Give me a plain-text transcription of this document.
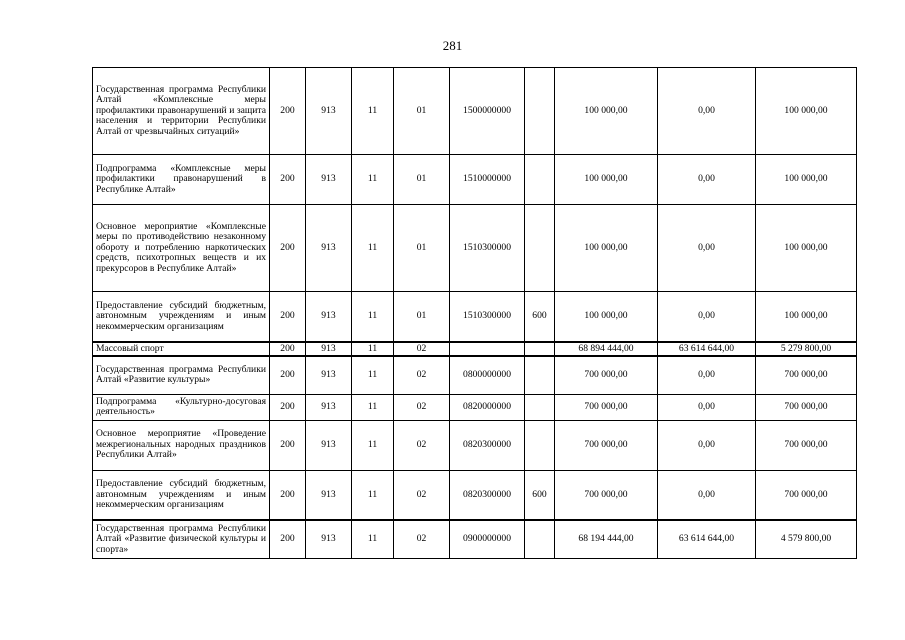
281
Государственная программа Республики Алтай «Комплексные меры профилактики правонарушений и защита населения и территории Республики Алтай от чрезвычайных ситуаций»	200	913	11	01	1500000000		100 000,00	0,00	100 000,00
Подпрограмма «Комплексные меры профилактики правонарушений в Республике Алтай»	200	913	11	01	1510000000		100 000,00	0,00	100 000,00
Основное мероприятие «Комплексные меры по противодействию незаконному обороту и потреблению наркотических средств, психотропных веществ и их прекурсоров в Республике Алтай»	200	913	11	01	1510300000		100 000,00	0,00	100 000,00
Предоставление субсидий бюджетным, автономным учреждениям и иным некоммерческим организациям	200	913	11	01	1510300000	600	100 000,00	0,00	100 000,00
Массовый спорт	200	913	11	02			68 894 444,00	63 614 644,00	5 279 800,00
Государственная программа Республики Алтай «Развитие культуры»	200	913	11	02	0800000000		700 000,00	0,00	700 000,00
Подпрограмма «Культурно-досуговая деятельность»	200	913	11	02	0820000000		700 000,00	0,00	700 000,00
Основное мероприятие «Проведение межрегиональных народных праздников Республики Алтай»	200	913	11	02	0820300000		700 000,00	0,00	700 000,00
Предоставление субсидий бюджетным, автономным учреждениям и иным некоммерческим организациям	200	913	11	02	0820300000	600	700 000,00	0,00	700 000,00
Государственная программа Республики Алтай «Развитие физической культуры и спорта»	200	913	11	02	0900000000		68 194 444,00	63 614 644,00	4 579 800,00
